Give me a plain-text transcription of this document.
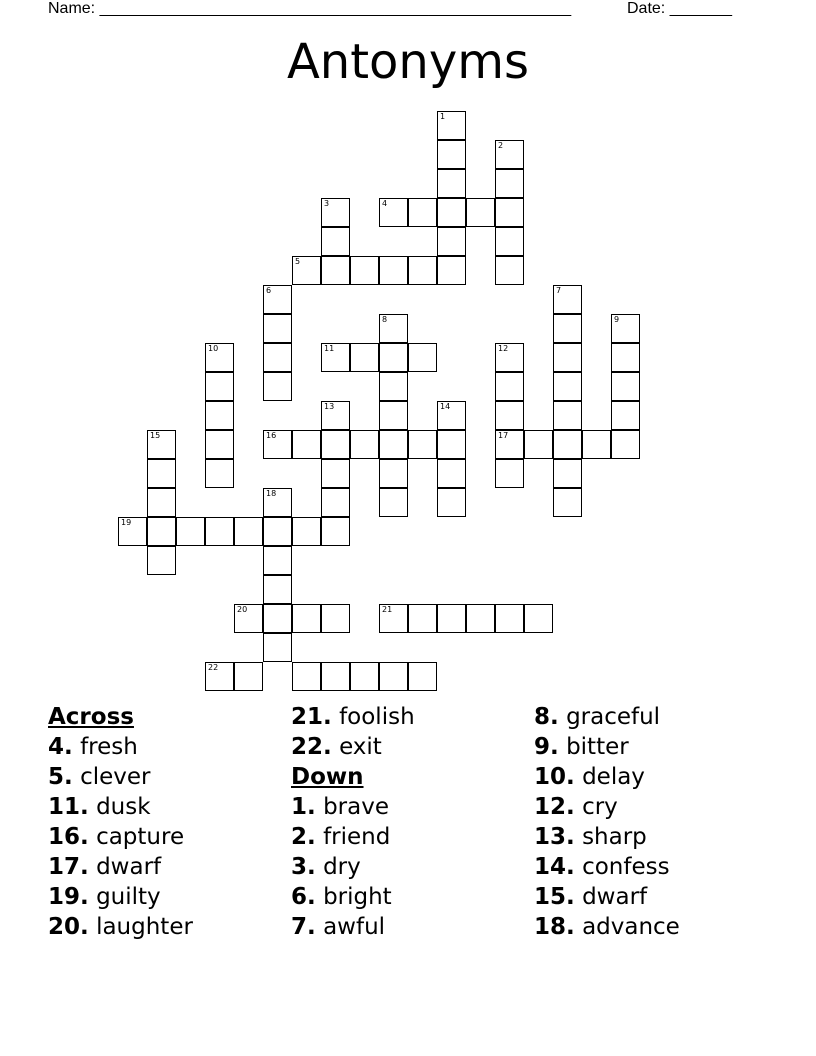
Name: _____________________________________________________	Date: _______
Antonyms
1
2
3	4
5
6	7
8	9
10	11	12
17
13	14
15	16
18
19
20	21
22
Across
4. fresh
5. clever
11. dusk
16. capture
17. dwarf
19. guilty
20. laughter
21. foolish
22. exit
Down
1. brave
2. friend
3. dry
6. bright
7. awful
8. graceful
9. bitter
10. delay
12. cry
13. sharp
14. confess
15. dwarf
18. advance
